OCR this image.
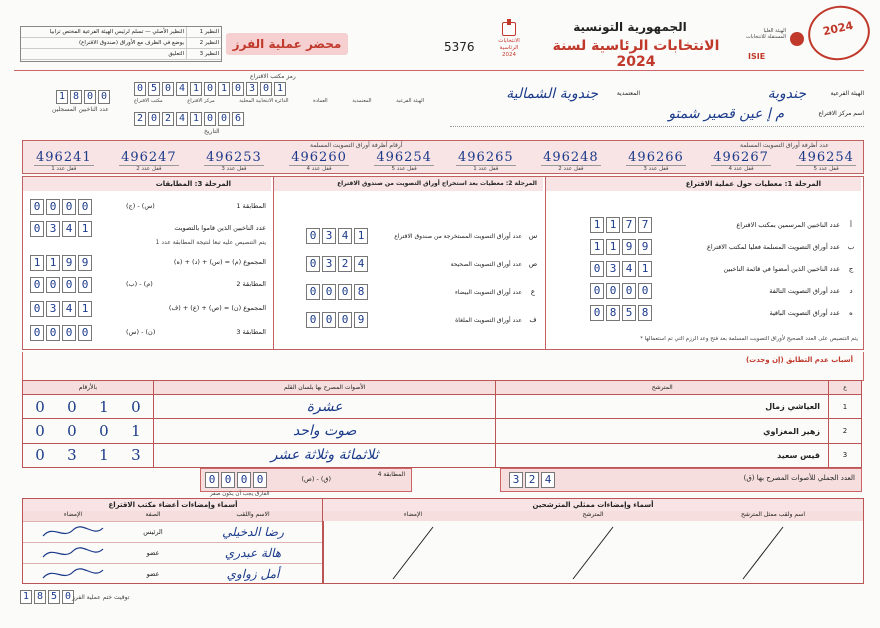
النظير 1
النظير الأصلي — تسلم لرئيس الهيئة الفرعية المختص ترابيا
النظير 2
يوضع في الظرف مع الأوراق (صندوق الاقتراع)
النظير 3
التعليق
محضر عملية الفرز	5376	الانتخابات الرئاسية 2024
الجمهورية التونسية
الانتخابات الرئاسية لسنة 2024
الهيئة العليا المستقلة للانتخابات
ISIE
2024
رمز مكتب الاقتراع
0 5 0 4 1 0 1 0 3 0 1
مكتب الاقتراع	مركز الاقتراع	الدائرة الانتخابية المحلية	العمادة	المعتمدية	الهيئة الفرعية
عدد الناخبين المسجلين
1 8 0 0
2 0 2 4 1 0 0 6
التاريخ
الهيئة الفرعية
جندوبة
المعتمدية
جندوبة الشمالية
اسم مركز الاقتراع
م إ عين قصير شمتو
أرقام أظرفة أوراق التصويت المسلمة	عدد أظرفة أوراق التصويت المسلمة
496241
قفل عدد 1
496247
قفل عدد 2
496253
قفل عدد 3
496260
قفل عدد 4
496254
قفل عدد 5
496265
قفل عدد 1
496248
قفل عدد 2
496266
قفل عدد 3
496267
قفل عدد 4
496254
قفل عدد 5
المرحلة 1: معطيات حول عملية الاقتراع
1 1 7 7	عدد الناخبين المرسمين بمكتب الاقتراع	أ
1 1 9 9	عدد أوراق التصويت المسلمة فعليا لمكتب الاقتراع	ب
0 3 4 1	عدد الناخبين الذين أمضوا في قائمة الناخبين	ج
0 0 0 0	عدد أوراق التصويت التالفة	د
0 8 5 8	عدد أوراق التصويت الباقية	ه
* يتم التنصيص على العدد الصحيح لأوراق التصويت المسلمة بعد فتح وعد الرزم التي تم استعمالها
المرحلة 2: معطيات بعد استخراج أوراق التصويت من صندوق الاقتراع
0 3 4 1	عدد أوراق التصويت المستخرجة من صندوق الاقتراع س
0 3 2 4	عدد أوراق التصويت الصحيحة ص
0 0 0 8	عدد أوراق التصويت البيضاء	ع
0 0 0 9	عدد أوراق التصويت الملغاة	ف
المرحلة 3: المطابقات
0 0 0 0	(ج) - (س)	المطابقة 1
0 3 4 1	عدد الناخبين الذين قاموا بالتصويت
يتم التنصيص عليه تبعا لنتيجة المطابقة عدد 1
1 1 9 9	المجموع (م) = (س) + (د) + (ه)
0 0 0 0	(ب) - (م)	المطابقة 2
0 3 4 1	المجموع (ن) = (ص) + (ع) + (ف)
0 0 0 0	(س) - (ن)	المطابقة 3
أسباب عدم التطابق (إن وجدت)
بالأرقام	الأصوات المصرح بها بلسان القلم	المترشح	ع

0 0 1 0	عشرة	العياشي زمال	1

0 0 0 1	صوت واحد	زهير المغزاوي	2

0 3 1 3	ثلاثمائة وثلاثة عشر	قيس سعيد	3
(ق) العدد الجملي للأصوات المصرح بها
3 2 4
المطابقة 4
(ص) - (ق)
0 0 0 0
الفارق يجب أن يكون صفر
أسماء وإمضاءات أعضاء مكتب الاقتراع
الإمضاء	الصفة	الاسم واللقب
الرئيس	رضا الدخيلي
عضو	هالة عبدري
عضو	أمل زواوي
أسماء وإمضاءات ممثلي المترشحين
الإمضاء	المترشح	اسم ولقب ممثل المترشح
1 8 5 0 توقيت ختم عملية الفرز
